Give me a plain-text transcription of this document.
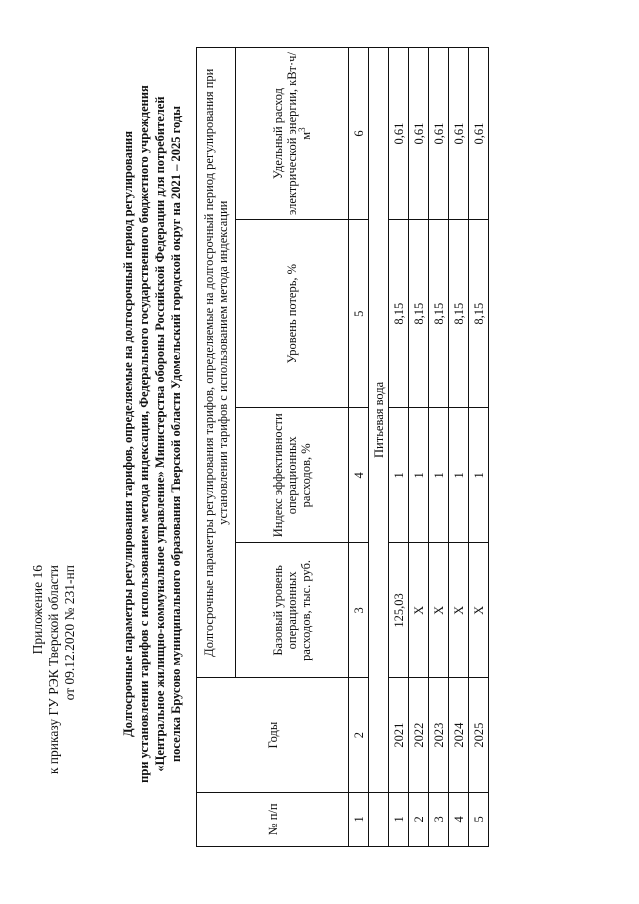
Приложение 16 к приказу ГУ РЭК Тверской области от 09.12.2020 № 231-нп	Долгосрочные параметры регулирования тарифов, определяемые на долгосрочный период регулирования при установлении тарифов с использованием метода индексации, Федерального государственного бюджетного учреждения «Центральное жилищно-коммунальное управление» Министерства обороны Российской Федерации для потребителей поселка Брусово муниципального образования Тверской области Удомельский городской округ на 2021 – 2025 годы
№ п/п	Годы	Долгосрочные параметры регулирования тарифов, определяемые на долгосрочный период регулирования при установлении тарифов с использованием метода индексации			
		Базовый уровень операционных расходов, тыс. руб.	Индекс эффективности операционных расходов, %	Уровень потерь, %	Удельный расход электрической энергии, $кВт\cdot ч/м^3$
1	2	3	4	5	6
	Питьевая вода				
1	2021	125,03	1	8,15	0,61
2	2022	Х	1	8,15	0,61
3	2023	Х	1	8,15	0,61
4	2024	Х	1	8,15	0,61
5	2025	Х	1	8,15	0,61
